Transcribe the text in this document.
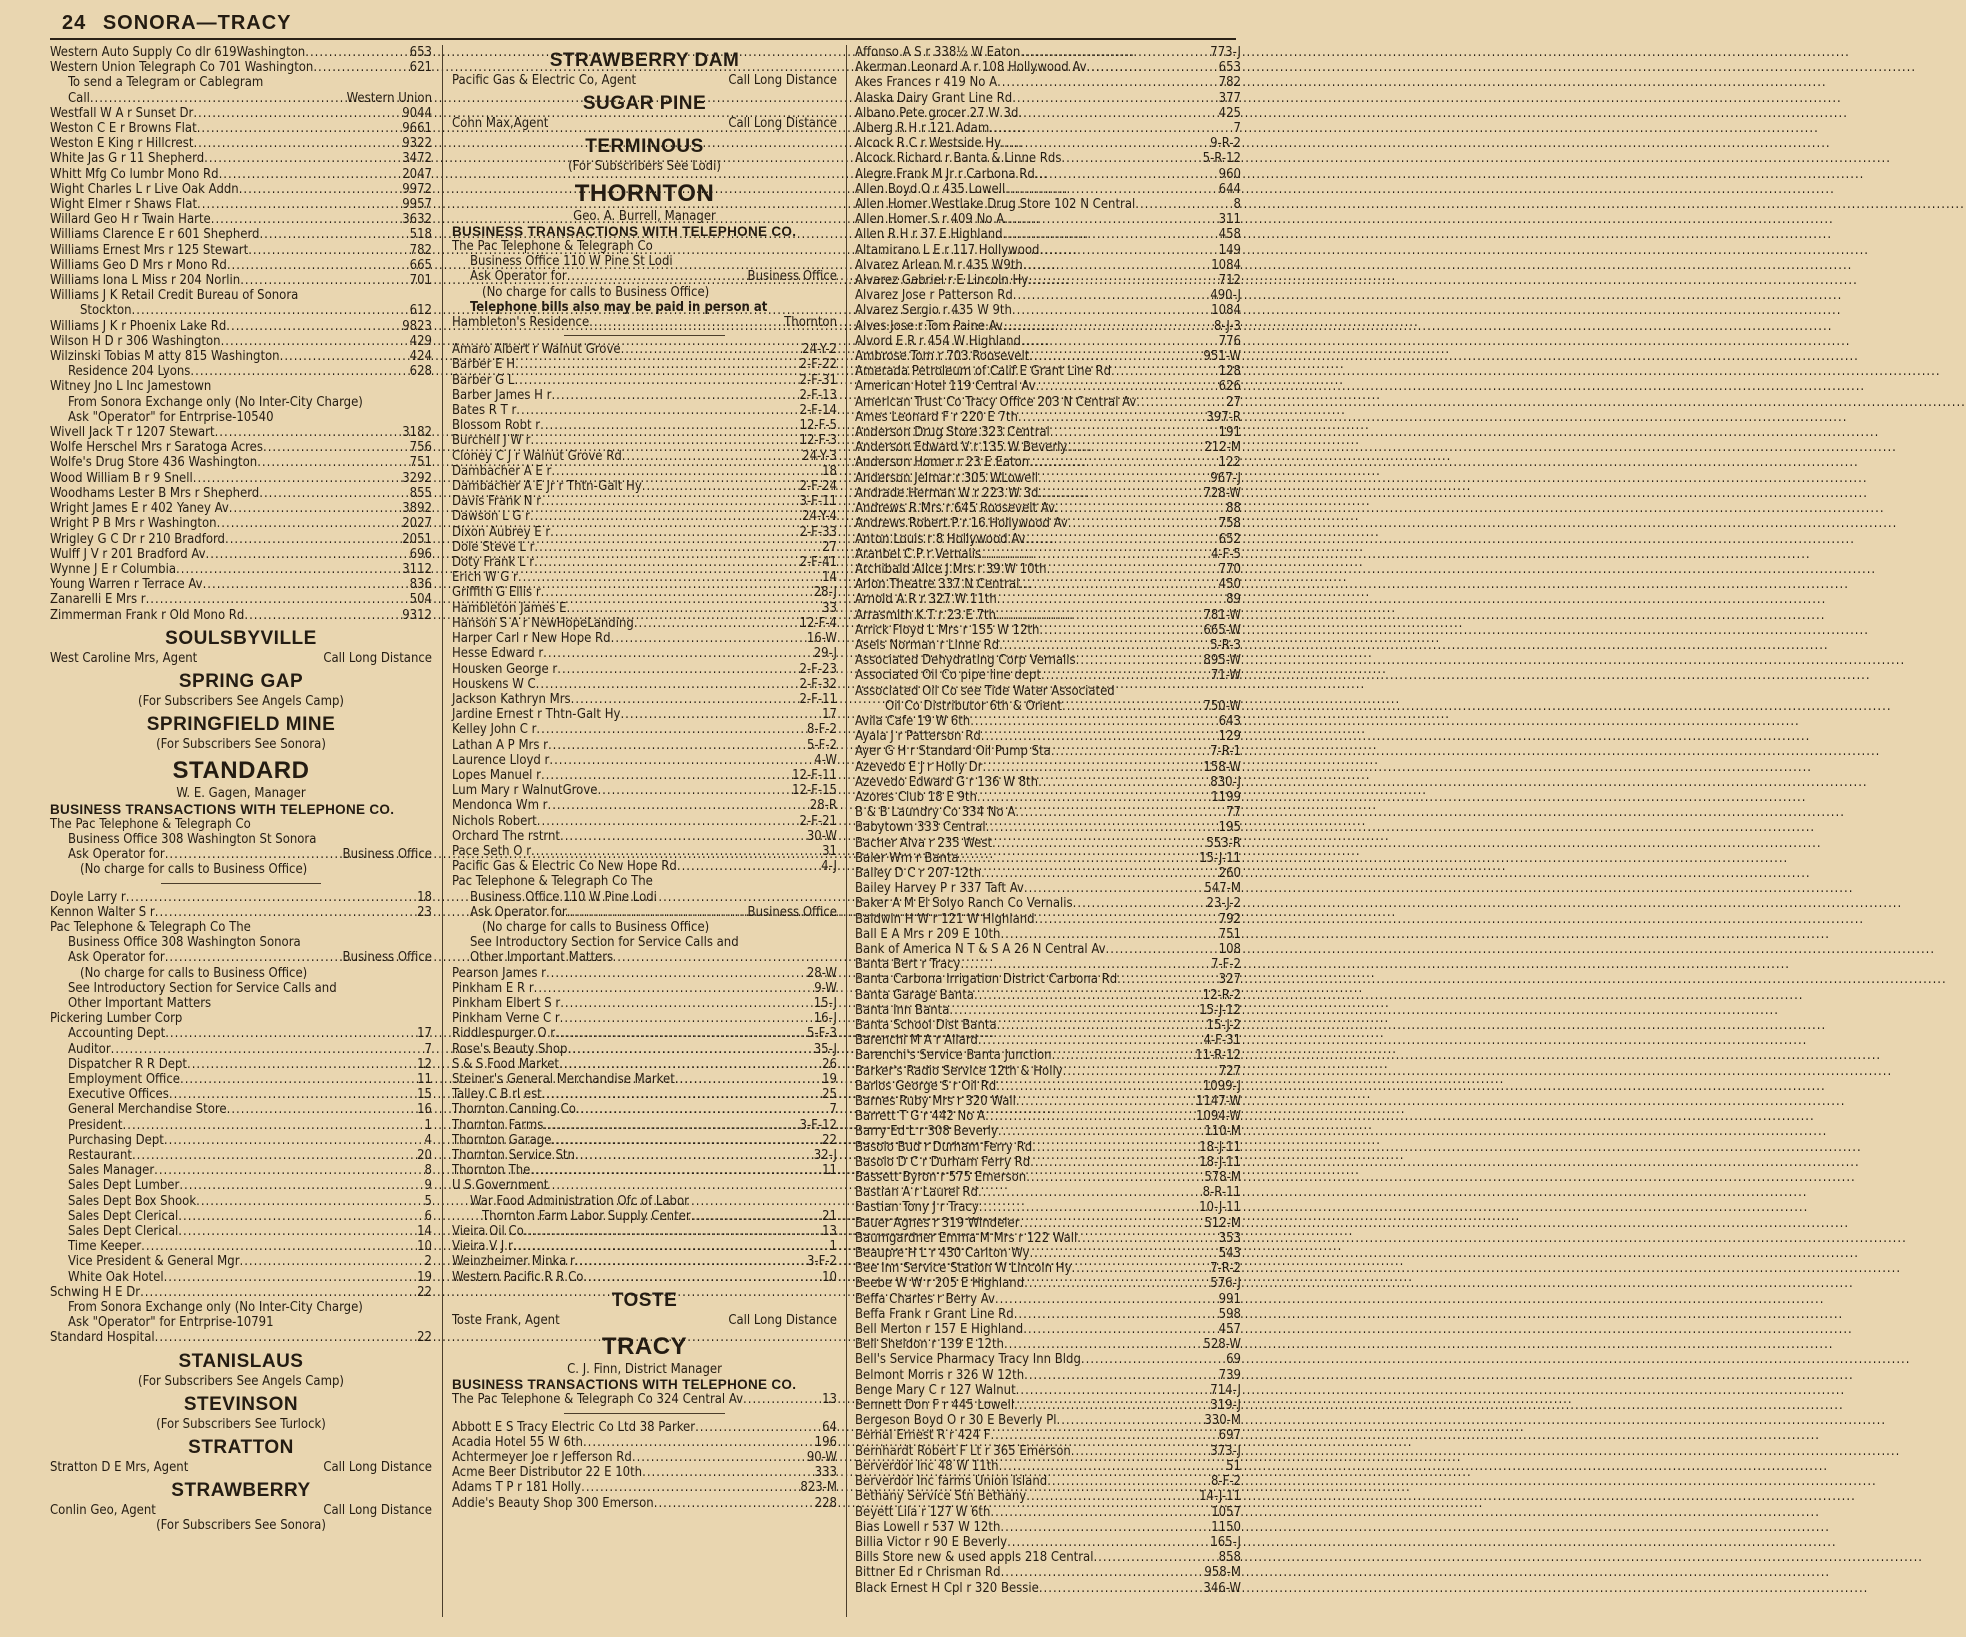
24 SONORA—TRACY
Western Auto Supply Co dlr 619Washington .....	653
Western Union Telegraph Co 701 Washington .....	621
To send a Telegram or Cablegram
Call .....	Western Union
Westfall W A r Sunset Dr .....	9044
Weston C E r Browns Flat .....	9661
Weston E King r Hillcrest .....	9322
White Jas G r 11 Shepherd .....	3472
Whitt Mfg Co lumbr Mono Rd .....	2047
Wight Charles L r Live Oak Addn .....	9972
Wight Elmer r Shaws Flat .....	9957
Willard Geo H r Twain Harte .....	3632
Williams Clarence E r 601 Shepherd .....	518
Williams Ernest Mrs r 125 Stewart .....	782
Williams Geo D Mrs r Mono Rd .....	665
Williams Iona L Miss r 204 Norlin .....	701
Williams J K Retail Credit Bureau of Sonora
Stockton .....	612
Williams J K r Phoenix Lake Rd .....	9823
Wilson H D r 306 Washington .....	429
Wilzinski Tobias M atty 815 Washington .....	424
Residence 204 Lyons .....	628
Witney Jno L Inc Jamestown
From Sonora Exchange only (No Inter-City Charge)
Ask "Operator" for Entrprise-10540
Wivell Jack T r 1207 Stewart .....	3182
Wolfe Herschel Mrs r Saratoga Acres .....	756
Wolfe's Drug Store 436 Washington .....	751
Wood William B r 9 Snell .....	3292
Woodhams Lester B Mrs r Shepherd .....	855
Wright James E r 402 Yaney Av .....	3892
Wright P B Mrs r Washington .....	2027
Wrigley G C Dr r 210 Bradford .....	2051
Wulff J V r 201 Bradford Av .....	696
Wynne J E r Columbia .....	3112
Young Warren r Terrace Av .....	836
Zanarelli E Mrs r .....	504
Zimmerman Frank r Old Mono Rd .....	9312
SOULSBYVILLE
West Caroline Mrs, Agent	Call Long Distance
SPRING GAP
(For Subscribers See Angels Camp)
SPRINGFIELD MINE
(For Subscribers See Sonora)
STANDARD
W. E. Gagen, Manager
BUSINESS TRANSACTIONS WITH TELEPHONE CO.
The Pac Telephone & Telegraph Co
Business Office 308 Washington St Sonora
Ask Operator for .....	Business Office
(No charge for calls to Business Office)
Doyle Larry r .....	18
Kennon Walter S r .....	23
Pac Telephone & Telegraph Co The
Business Office 308 Washington Sonora
Ask Operator for .....	Business Office
(No charge for calls to Business Office)
See Introductory Section for Service Calls and
Other Important Matters
Pickering Lumber Corp
Accounting Dept .....	17
Auditor .....	7
Dispatcher R R Dept .....	12
Employment Office .....	11
Executive Offices .....	15
General Merchandise Store .....	16
President .....	1
Purchasing Dept .....	4
Restaurant .....	20
Sales Manager .....	8
Sales Dept Lumber .....	9
Sales Dept Box Shook .....	5
Sales Dept Clerical .....	6
Sales Dept Clerical .....	14
Time Keeper .....	10
Vice President & General Mgr .....	2
White Oak Hotel .....	19
Schwing H E Dr .....	22
From Sonora Exchange only (No Inter-City Charge)
Ask "Operator" for Entrprise-10791
Standard Hospital .....	22
STANISLAUS
(For Subscribers See Angels Camp)
STEVINSON
(For Subscribers See Turlock)
STRATTON
Stratton D E Mrs, Agent	Call Long Distance
STRAWBERRY
Conlin Geo, Agent	Call Long Distance
(For Subscribers See Sonora)
STRAWBERRY DAM
Pacific Gas & Electric Co, Agent	Call Long Distance
SUGAR PINE
Cohn Max,Agent	Call Long Distance
TERMINOUS
(For Subscribers See Lodi)
THORNTON
Geo. A. Burrell, Manager
BUSINESS TRANSACTIONS WITH TELEPHONE CO.
The Pac Telephone & Telegraph Co
Business Office 110 W Pine St Lodi
Ask Operator for .....	Business Office
(No charge for calls to Business Office)
Telephone bills also may be paid in person at
Hambleton's Residence .....	Thornton
Amaro Albert r Walnut Grove .....	24-Y-2
Barber E H .....	2-F-22
Barber G L .....	2-F-31
Barber James H r .....	2-F-13
Bates R T r .....	2-F-14
Blossom Robt r .....	12-F-5
Burchell J W r .....	12-F-3
Cloney C J r Walnut Grove Rd .....	24-Y-3
Dambacher A E r .....	18
Dambacher A E Jr r Thtn-Galt Hy .....	2-F-24
Davis Frank N r .....	3-F-11
Dawson L G r .....	24-Y-4
Dixon Aubrey E r .....	2-F-33
Dole Steve L r .....	27
Doty Frank L r .....	2-F-41
Erich W G r .....	14
Griffith G Ellis r .....	28-J
Hambleton James E .....	33
Hanson S A r NewHopeLanding .....	12-F-4
Harper Carl r New Hope Rd .....	16-W
Hesse Edward r .....	29-J
Housken George r .....	2-F-23
Houskens W C .....	2-F-32
Jackson Kathryn Mrs .....	2-F-11
Jardine Ernest r Thtn-Galt Hy .....	17
Kelley John C r .....	8-F-2
Lathan A P Mrs r .....	5-F-2
Laurence Lloyd r .....	4-W
Lopes Manuel r .....	12-F-11
Lum Mary r WalnutGrove .....	12-F-15
Mendonca Wm r .....	28-R
Nichols Robert .....	2-F-21
Orchard The rstrnt .....	30-W
Pace Seth O r .....	31
Pacific Gas & Electric Co New Hope Rd .....	4-J
Pac Telephone & Telegraph Co The
Business Office 110 W Pine Lodi
Ask Operator for .....	Business Office
(No charge for calls to Business Office)
See Introductory Section for Service Calls and
Other Important Matters
Pearson James r .....	28-W
Pinkham E R r .....	9-W
Pinkham Elbert S r .....	15-J
Pinkham Verne C r .....	16-J
Riddlespurger O r .....	5-F-3
Rose's Beauty Shop .....	35-J
S & S Food Market .....	26
Steiner's General Merchandise Market .....	19
Talley C B rl est .....	25
Thornton Canning Co .....	7
Thornton Farms .....	3-F-12
Thornton Garage .....	22
Thornton Service Stn .....	32-J
Thornton The .....	11
U S Government
War Food Administration Ofc of Labor
Thornton Farm Labor Supply Center .....	21
Vieira Oil Co .....	13
Vieira V J r .....	1
Weinzheimer Minka r .....	3-F-2
Western Pacific R R Co .....	10
TOSTE
Toste Frank, Agent	Call Long Distance
TRACY
C. J. Finn, District Manager
BUSINESS TRANSACTIONS WITH TELEPHONE CO.
The Pac Telephone & Telegraph Co 324 Central Av .....	13
Abbott E S Tracy Electric Co Ltd 38 Parker .....	64
Acadia Hotel 55 W 6th .....	196
Achtermeyer Joe r Jefferson Rd .....	90-W
Acme Beer Distributor 22 E 10th .....	333
Adams T P r 181 Holly .....	823-M
Addie's Beauty Shop 300 Emerson .....	228
Affonso A S r 338½ W Eaton .....	773-J
Akerman Leonard A r 108 Hollywood Av .....	653
Akes Frances r 419 No A .....	782
Alaska Dairy Grant Line Rd .....	377
Albano Pete grocer 27 W 3d .....	425
Alberg R H r 121 Adam .....	7
Alcock R C r Westside Hy .....	9-R-2
Alcock Richard r Banta & Linne Rds .....	5-R-12
Alegre Frank M Jr r Carbona Rd .....	960
Allen Boyd O r 435 Lowell .....	644
Allen Homer Westlake Drug Store 102 N Central .....	8
Allen Homer S r 409 No A .....	311
Allen R H r 37 E Highland .....	458
Altamirano L E r 117 Hollywood .....	149
Alvarez Arlean M r 435 W9th .....	1084
Alvarez Gabriel r E Lincoln Hy .....	712
Alvarez Jose r Patterson Rd .....	490-J
Alvarez Sergio r 435 W 9th .....	1084
Alves Jose r Tom Paine Av .....	8-J-3
Alvord E R r 454 W Highland .....	776
Ambrose Tom r 703 Roosevelt .....	951-W
Amerada Petroleum of Calif E Grant Line Rd .....	128
American Hotel 119 Central Av .....	626
American Trust Co Tracy Office 203 N Central Av .....	27
Ames Leonard F r 220 E 7th .....	397-R
Anderson Drug Store 323 Central .....	191
Anderson Edward V r 135 W Beverly .....	212-M
Anderson Homer r 23 E Eaton .....	122
Anderson Jelmar r 305 WLowell .....	967-J
Andrade Herman W r 223 W 3d .....	728-W
Andrews R Mrs r 645 Roosevelt Av .....	88
Andrews Robert P r 16 Hollywood Av .....	758
Anton Louis r 8 Hollywood Av .....	652
Aranbel C P r Vernalis .....	4-F-5
Archibald Alice J Mrs r 39 W 10th .....	770
Arlon Theatre 337 N Central .....	450
Arnold A R r 327 W 11th .....	89
Arrasmith K T r 23 E 7th .....	781-W
Arrick Floyd L Mrs r 155 W 12th .....	665-W
Asels Norman r Linne Rd .....	5-R-3
Associated Dehydrating Corp Vernalis .....	895-W
Associated Oil Co pipe line dept .....	71-W
Associated Oil Co see Tide Water Associated
Oil Co Distributor 6th & Orient .....	750-W
Avila Cafe 19 W 6th .....	643
Ayala J r Patterson Rd .....	129
Ayer G H r Standard Oil Pump Sta .....	7-R-1
Azevedo E J r Holly Dr .....	158-W
Azevedo Edward G r 136 W 8th .....	830-J
Azores Club 18 E 9th .....	1199
B & B Laundry Co 334 No A .....	77
Babytown 333 Central .....	195
Bacher Alva r 235 West .....	553-R
Baier Wm r Banta .....	15-J-11
Bailey D C r 207-12th .....	260
Bailey Harvey P r 337 Taft Av .....	547-M
Baker A M El Solyo Ranch Co Vernalis .....	23-J-2
Baldwin H W r 121 W Highland .....	792
Ball E A Mrs r 209 E 10th .....	751
Bank of America N T & S A 26 N Central Av .....	108
Banta Bert r Tracy .....	7-F-2
Banta Carbona Irrigation District Carbona Rd .....	327
Banta Garage Banta .....	12-R-2
Banta Inn Banta .....	15-J-12
Banta School Dist Banta .....	15-J-2
Barenchi M A r Allard .....	4-F-31
Barenchi's Service Banta Junction .....	11-R-12
Barker's Radio Service 12th & Holly .....	727
Barlos George S r Oil Rd .....	1099-J
Barnes Ruby Mrs r 320 Wall .....	1147-W
Barrett T G r 442 No A .....	1094-W
Barry Ed L r 308 Beverly .....	110-M
Basolo Bud r Durham Ferry Rd .....	18-J-11
Basolo D C r Durham Ferry Rd .....	18-J-11
Bassett Byron r 575 Emerson .....	578-M
Bastian A r Laurel Rd .....	8-R-11
Bastian Tony J r Tracy .....	10-J-11
Bauer Agnes r 319 Windeler .....	512-M
Baumgardner Emma M Mrs r 122 Wall .....	353
Beaupre H L r 430 Carlton Wy .....	543
Bee Inn Service Station W Lincoln Hy .....	7-R-2
Beebe W W r 205 E Highland .....	576-J
Beffa Charles r Berry Av .....	991
Beffa Frank r Grant Line Rd .....	598
Bell Merton r 157 E Highland .....	457
Bell Sheldon r 139 E 12th .....	528-W
Bell's Service Pharmacy Tracy Inn Bldg .....	69
Belmont Morris r 326 W 12th .....	739
Benge Mary C r 127 Walnut .....	714-J
Bennett Don F r 445 Lowell .....	319-J
Bergeson Boyd O r 30 E Beverly Pl .....	330-M
Bernal Ernest R r 424 F .....	697
Bernhardt Robert F Lt r 365 Emerson .....	373-J
Berverdor Inc 48 W 11th .....	51
Berverdor Inc farms Union Island .....	8-F-2
Bethany Service Stn Bethany .....	14-J-11
Beyett Lila r 127 W 6th .....	1057
Bias Lowell r 537 W 12th .....	1150
Billia Victor r 90 E Beverly .....	165-J
Bills Store new & used appls 218 Central .....	858
Bittner Ed r Chrisman Rd .....	958-M
Black Ernest H Cpl r 320 Bessie .....	346-W
